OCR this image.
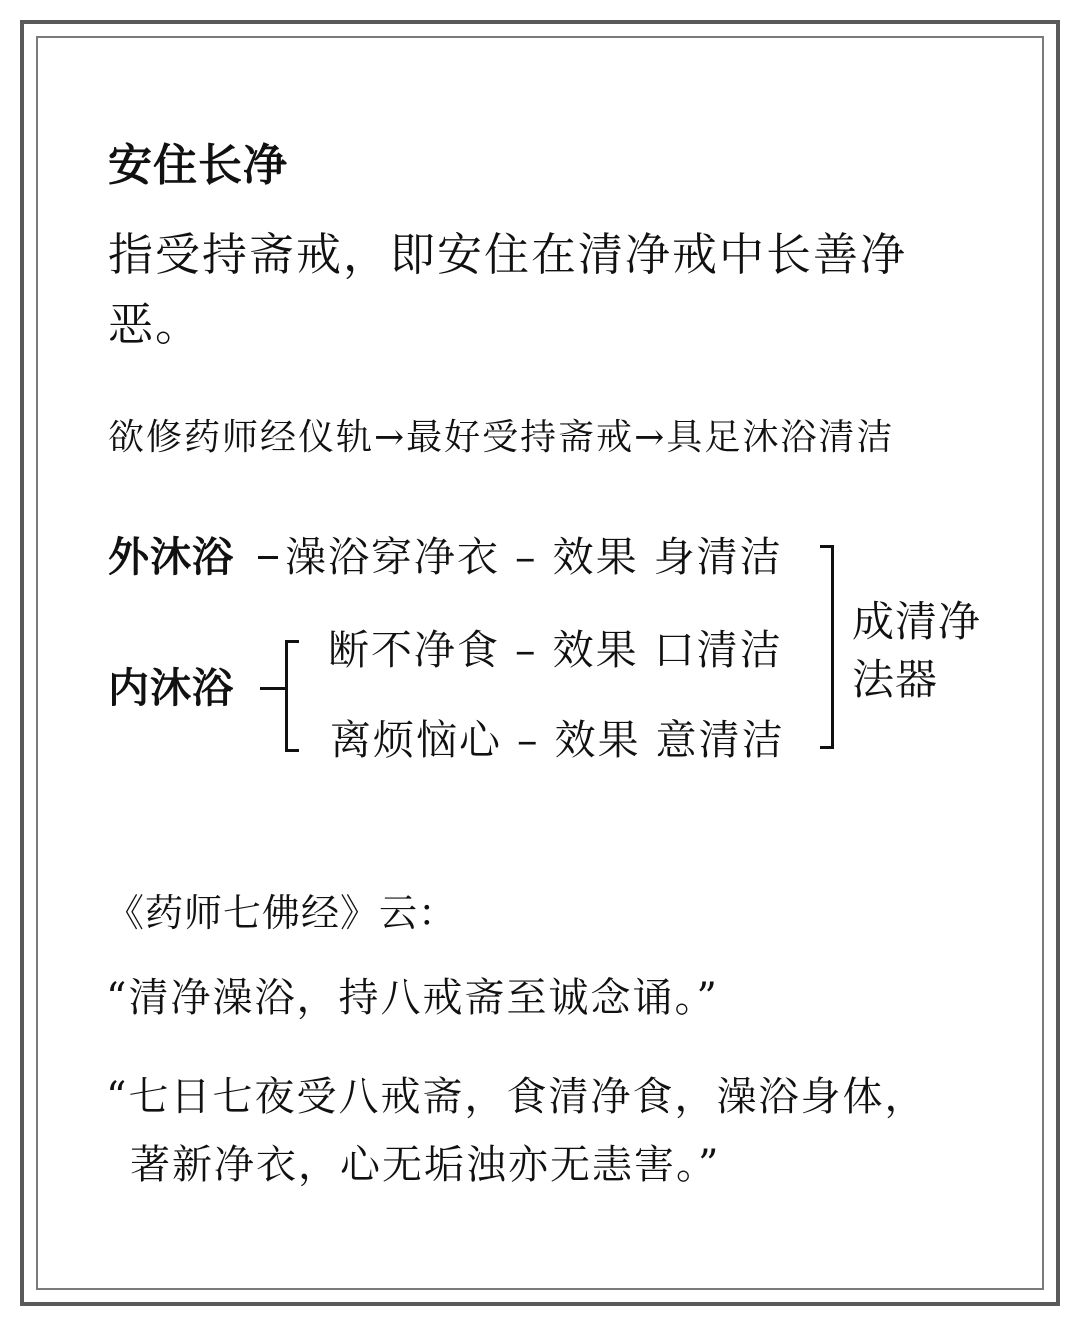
安住长净
指受持斋戒，即安住在清净戒中长善净
恶。
欲修药师经仪轨→最好受持斋戒→具足沐浴清洁
外沐浴 澡浴穿净衣 – 效果 身清洁
内沐浴
断不净食 – 效果 口清洁
离烦恼心 – 效果 意清洁
成清净
法器
《药师七佛经》云：
“清净澡浴，持八戒斋至诚念诵。”
“七日七夜受八戒斋，食清净食，澡浴身体，
著新净衣，心无垢浊亦无恚害。”
